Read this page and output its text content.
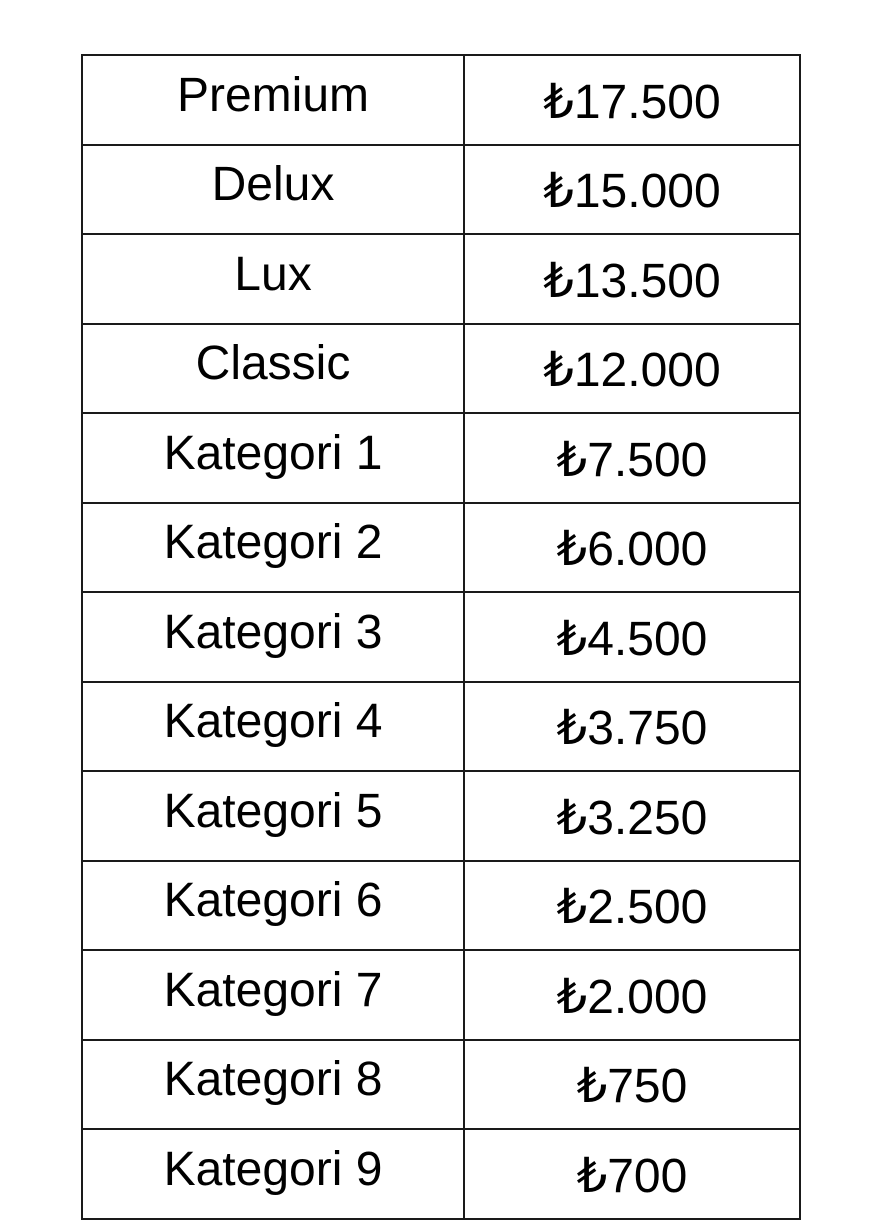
Premium	₺17.500
Delux	₺15.000
Lux	₺13.500
Classic	₺12.000
Kategori 1	₺7.500
Kategori 2	₺6.000
Kategori 3	₺4.500
Kategori 4	₺3.750
Kategori 5	₺3.250
Kategori 6	₺2.500
Kategori 7	₺2.000
Kategori 8	₺750
Kategori 9	₺700
